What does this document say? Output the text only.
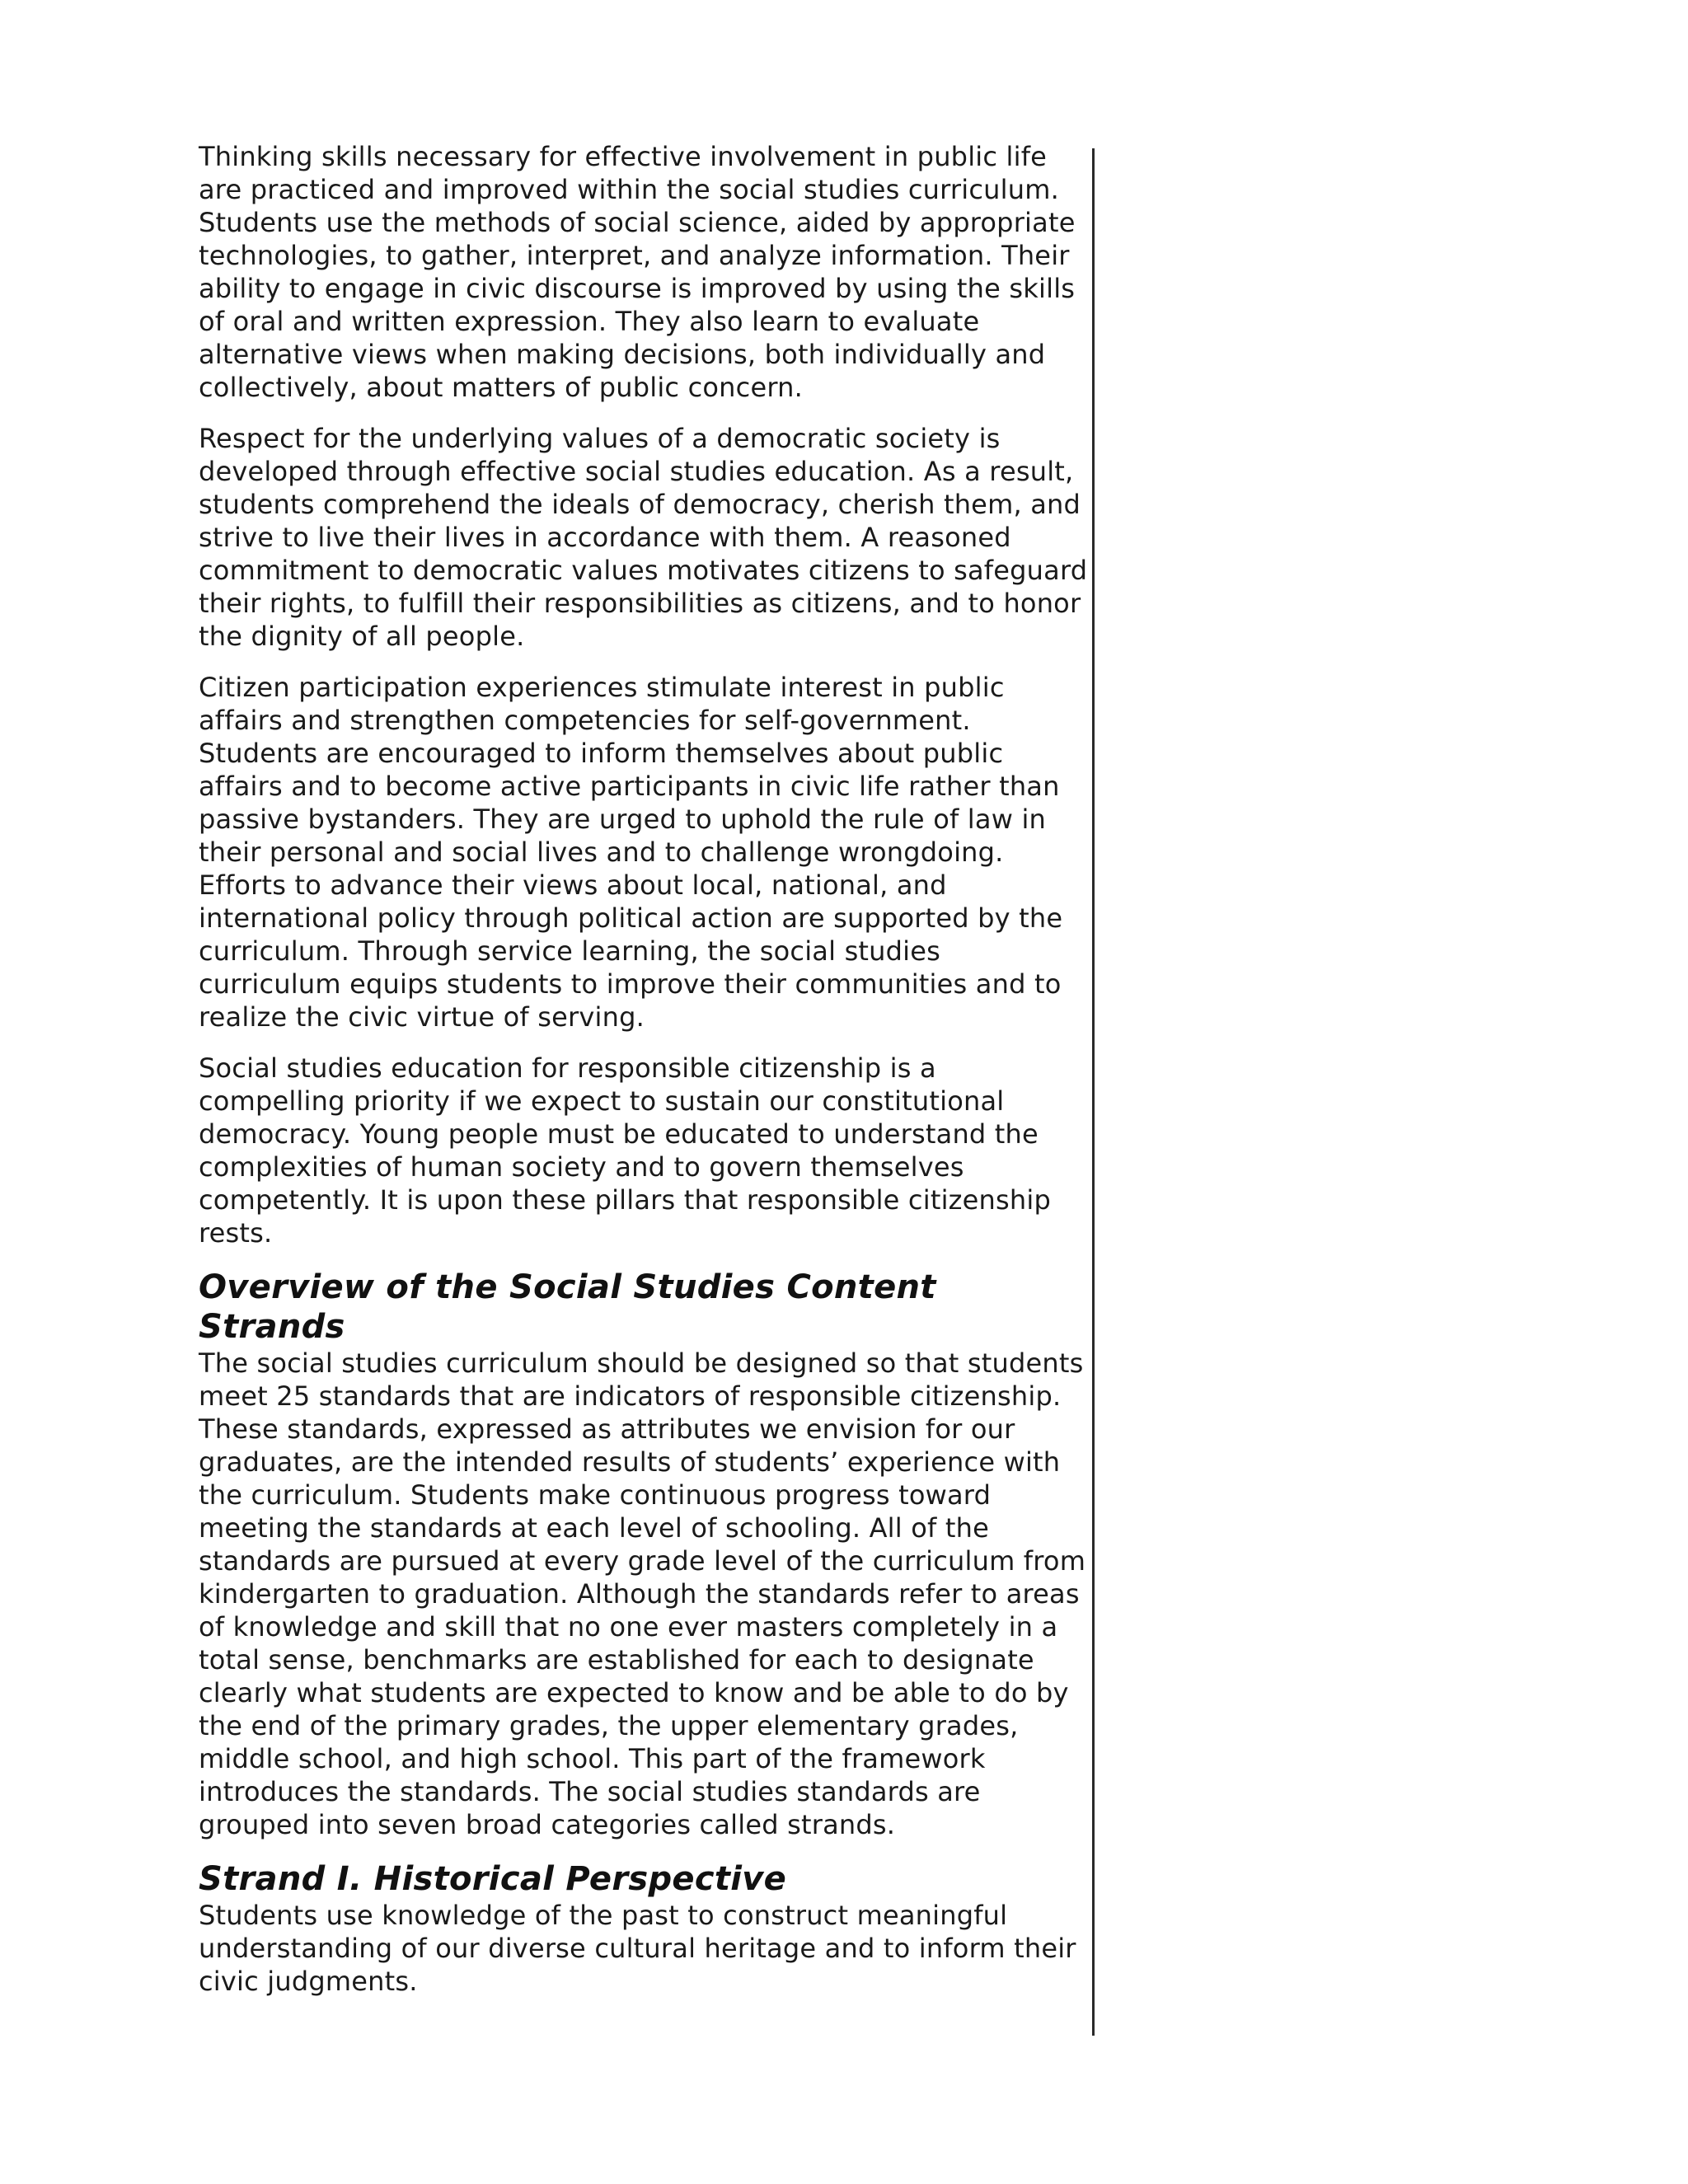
Thinking skills necessary for effective involvement in public life are practiced and improved within the social studies curriculum. Students use the methods of social science, aided by appropriate technologies, to gather, interpret, and analyze information. Their ability to engage in civic discourse is improved by using the skills of oral and written expression. They also learn to evaluate alternative views when making decisions, both individually and collectively, about matters of public concern.

Respect for the underlying values of a democratic society is developed through effective social studies education. As a result, students comprehend the ideals of democracy, cherish them, and strive to live their lives in accordance with them. A reasoned commitment to democratic values motivates citizens to safeguard their rights, to fulfill their responsibilities as citizens, and to honor the dignity of all people.

Citizen participation experiences stimulate interest in public affairs and strengthen competencies for self-government. Students are encouraged to inform themselves about public affairs and to become active participants in civic life rather than passive bystanders. They are urged to uphold the rule of law in their personal and social lives and to challenge wrongdoing. Efforts to advance their views about local, national, and international policy through political action are supported by the curriculum. Through service learning, the social studies curriculum equips students to improve their communities and to realize the civic virtue of serving.

Social studies education for responsible citizenship is a compelling priority if we expect to sustain our constitutional democracy. Young people must be educated to understand the complexities of human society and to govern themselves competently. It is upon these pillars that responsible citizenship rests.

Overview of the Social Studies Content Strands

The social studies curriculum should be designed so that students meet 25 standards that are indicators of responsible citizenship. These standards, expressed as attributes we envision for our graduates, are the intended results of students’ experience with the curriculum. Students make continuous progress toward meeting the standards at each level of schooling. All of the standards are pursued at every grade level of the curriculum from kindergarten to graduation. Although the standards refer to areas of knowledge and skill that no one ever masters completely in a total sense, benchmarks are established for each to designate clearly what students are expected to know and be able to do by the end of the primary grades, the upper elementary grades, middle school, and high school. This part of the framework introduces the standards. The social studies standards are grouped into seven broad categories called strands.

Strand I. Historical Perspective

Students use knowledge of the past to construct meaningful understanding of our diverse cultural heritage and to inform their civic judgments.
